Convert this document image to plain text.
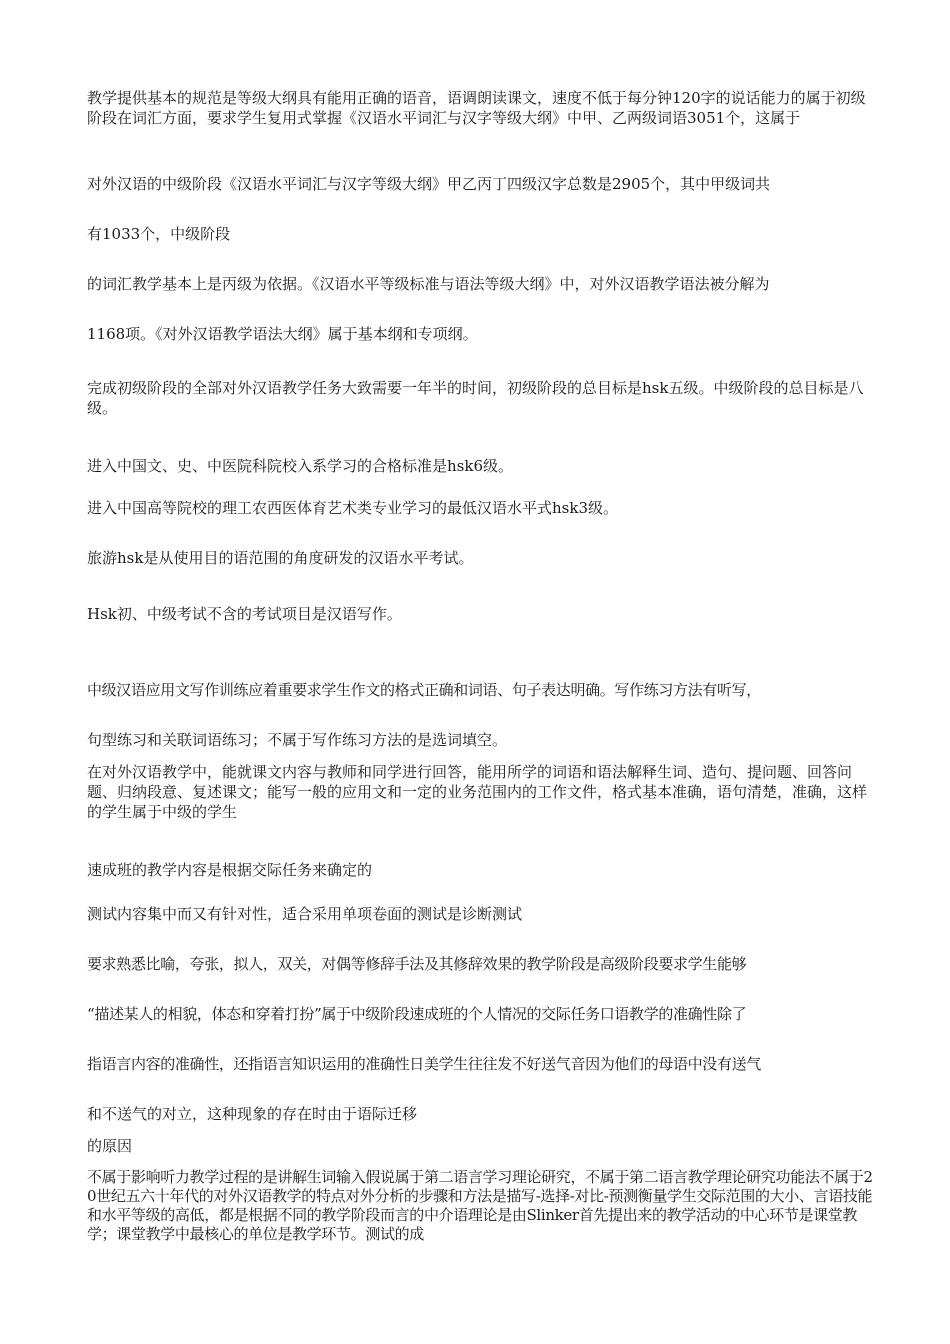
教学提供基本的规范是等级大纲具有能用正确的语音，语调朗读课文，速度不低于每分钟120字的说话能力的属于初级阶段在词汇方面，要求学生复用式掌握《汉语水平词汇与汉字等级大纲》中甲、乙两级词语3051个，这属于

对外汉语的中级阶段《汉语水平词汇与汉字等级大纲》甲乙丙丁四级汉字总数是2905个，其中甲级词共

有1033个，中级阶段

的词汇教学基本上是丙级为依据。《汉语水平等级标准与语法等级大纲》中，对外汉语教学语法被分解为

1168项。《对外汉语教学语法大纲》属于基本纲和专项纲。

完成初级阶段的全部对外汉语教学任务大致需要一年半的时间，初级阶段的总目标是hsk五级。中级阶段的总目标是八级。

进入中国文、史、中医院科院校入系学习的合格标准是hsk6级。

进入中国高等院校的理工农西医体育艺术类专业学习的最低汉语水平式hsk3级。

旅游hsk是从使用目的语范围的角度研发的汉语水平考试。

Hsk初、中级考试不含的考试项目是汉语写作。

中级汉语应用文写作训练应着重要求学生作文的格式正确和词语、句子表达明确。写作练习方法有听写，

句型练习和关联词语练习；不属于写作练习方法的是选词填空。

在对外汉语教学中，能就课文内容与教师和同学进行回答，能用所学的词语和语法解释生词、造句、提问题、回答问题、归纳段意、复述课文；能写一般的应用文和一定的业务范围内的工作文件，格式基本准确，语句清楚，准确，这样的学生属于中级的学生

速成班的教学内容是根据交际任务来确定的

测试内容集中而又有针对性，适合采用单项卷面的测试是诊断测试

要求熟悉比喻，夸张，拟人，双关，对偶等修辞手法及其修辞效果的教学阶段是高级阶段要求学生能够

“描述某人的相貌，体态和穿着打扮”属于中级阶段速成班的个人情况的交际任务口语教学的准确性除了

指语言内容的准确性，还指语言知识运用的准确性日美学生往往发不好送气音因为他们的母语中没有送气

和不送气的对立，这种现象的存在时由于语际迁移

的原因

不属于影响听力教学过程的是讲解生词输入假说属于第二语言学习理论研究，不属于第二语言教学理论研究功能法不属于20世纪五六十年代的对外汉语教学的特点对外分析的步骤和方法是描写-选择-对比-预测衡量学生交际范围的大小、言语技能和水平等级的高低，都是根据不同的教学阶段而言的中介语理论是由Slinker首先提出来的教学活动的中心环节是课堂教学；课堂教学中最核心的单位是教学环节。测试的成
